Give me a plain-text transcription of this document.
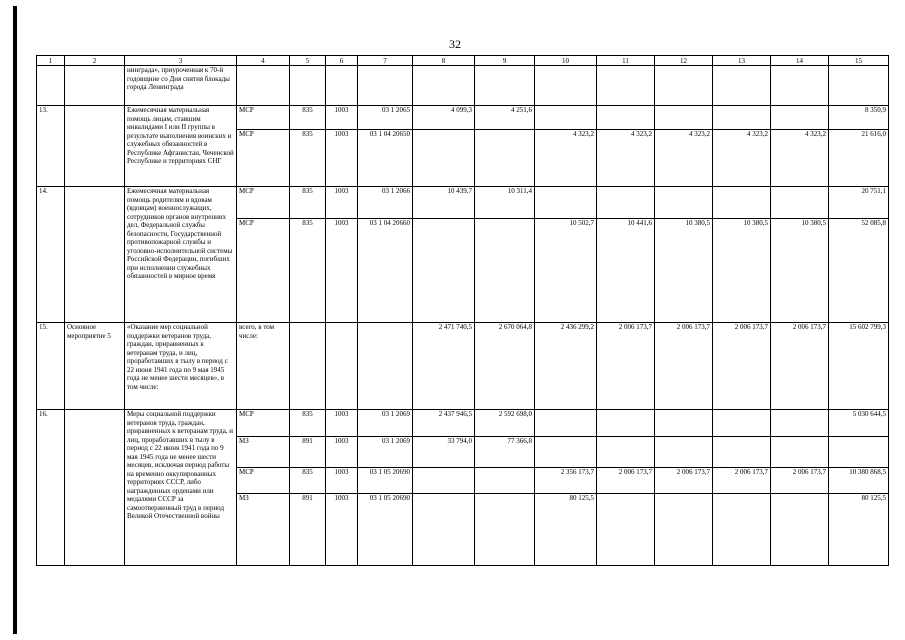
32
1	2	3	4	5	6	7	8	9	10	11	12	13	14	15
		нинграда», приуроченная к 70-й годовщине со Дня снятия блокады города Ленинграда												
13.		Ежемесячная материальная помощь лицам, ставшим инвалидами I или II группы в результате выполнения воинских и служебных обязанностей в Республике Афганистан, Чеченской Республике и территориях СНГ	МСР	835	1003	03 1 2065	4 099,3	4 251,6						8 350,9
			МСР	835	1003	03 1 04 20650			4 323,2	4 323,2	4 323,2	4 323,2	4 323,2	21 616,0
14.		Ежемесячная материальная помощь родителям и вдовам (вдовцам) военнослужащих, сотрудников органов внутренних дел, Федеральной службы безопасности, Государственной противопожарной службы и уголовно-исполнительной системы Российской Федерации, погибших при исполнении служебных обязанностей в мирное время	МСР	835	1003	03 1 2066	10 439,7	10 311,4						20 751,1
			МСР	835	1003	03 1 04 20660			10 502,7	10 441,6	10 380,5	10 380,5	10 380,5	52 085,8
15.	Основное мероприятие 5	«Оказание мер социальной поддержки ветеранов труда, граждан, приравненных к ветеранам труда, и лиц, проработавших в тылу в период с 22 июня 1941 года по 9 мая 1945 года не менее шести месяцев», в том числе:	всего, в том числе:				2 471 740,5	2 670 064,8	2 436 299,2	2 006 173,7	2 006 173,7	2 006 173,7	2 006 173,7	15 602 799,3
16.		Меры социальной поддержки ветеранов труда, граждан, приравненных к ветеранам труда, и лиц, проработавших в тылу в период с 22 июня 1941 года по 9 мая 1945 года не менее шести месяцев, исключая период работы на временно оккупированных территориях СССР, либо награжденных орденами или медалями СССР за самоотверженный труд в период Великой Отечественной войны	МСР	835	1003	03 1 2069	2 437 946,5	2 592 698,0						5 030 644,5
			МЗ	891	1003	03 1 2069	33 794,0	77 366,8						
			МСР	835	1003	03 1 05 20690			2 356 173,7	2 006 173,7	2 006 173,7	2 006 173,7	2 006 173,7	10 380 868,5
			МЗ	891	1003	03 1 05 20690			80 125,5					80 125,5
